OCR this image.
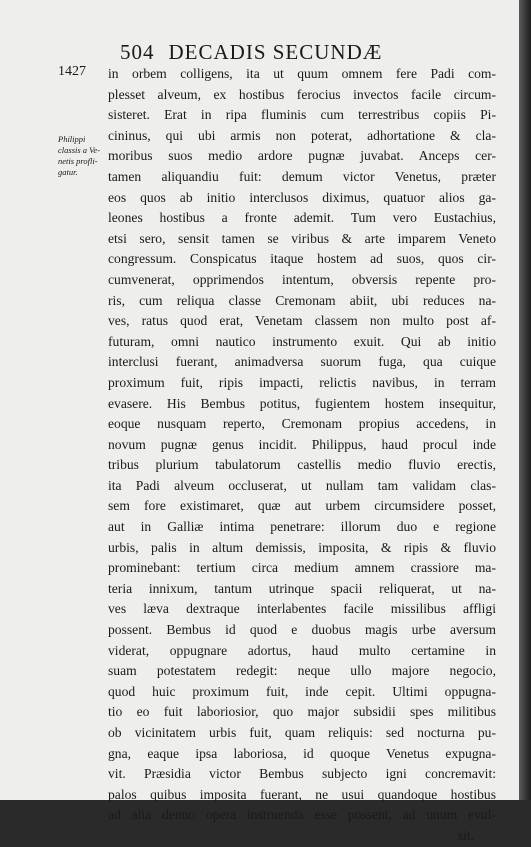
504 DECADIS SECUNDÆ
1427
Philippi
classis a Ve-
netis profli-
gatur.
in orbem colligens, ita ut quum omnem fere Padi com-
plesset alveum, ex hostibus ferocius invectos facile circum-
sisteret. Erat in ripa fluminis cum terrestribus copiis Pi-
cininus, qui ubi armis non poterat, adhortatione & cla-
moribus suos medio ardore pugnæ juvabat. Anceps cer-
tamen aliquandiu fuit: demum victor Venetus, præter
eos quos ab initio interclusos diximus, quatuor alios ga-
leones hostibus a fronte ademit. Tum vero Eustachius,
etsi sero, sensit tamen se viribus & arte imparem Veneto
congressum. Conspicatus itaque hostem ad suos, quos cir-
cumvenerat, opprimendos intentum, obversis repente pro-
ris, cum reliqua classe Cremonam abiit, ubi reduces na-
ves, ratus quod erat, Venetam classem non multo post af-
futuram, omni nautico instrumento exuit. Qui ab initio
interclusi fuerant, animadversa suorum fuga, qua cuique
proximum fuit, ripis impacti, relictis navibus, in terram
evasere. His Bembus potitus, fugientem hostem insequitur,
eoque nusquam reperto, Cremonam propius accedens, in
novum pugnæ genus incidit. Philippus, haud procul inde
tribus plurium tabulatorum castellis medio fluvio erectis,
ita Padi alveum occluserat, ut nullam tam validam clas-
sem fore existimaret, quæ aut urbem circumsidere posset,
aut in Galliæ intima penetrare: illorum duo e regione
urbis, palis in altum demissis, imposita, & ripis & fluvio
prominebant: tertium circa medium amnem crassiore ma-
teria innixum, tantum utrinque spacii reliquerat, ut na-
ves læva dextraque interlabentes facile missilibus affligi
possent. Bembus id quod e duobus magis urbe aversum
viderat, oppugnare adortus, haud multo certamine in
suam potestatem redegit: neque ullo majore negocio,
quod huic proximum fuit, inde cepit. Ultimi oppugna-
tio eo fuit laboriosior, quo major subsidii spes militibus
ob vicinitatem urbis fuit, quam reliquis: sed nocturna pu-
gna, eaque ipsa laboriosa, id quoque Venetus expugna-
vit. Præsidia victor Bembus subjecto igni concremavit:
palos quibus imposita fuerant, ne usui quandoque hostibus
ad alia denuo opera instruenda esse possent, ad unum evul-
sit.
